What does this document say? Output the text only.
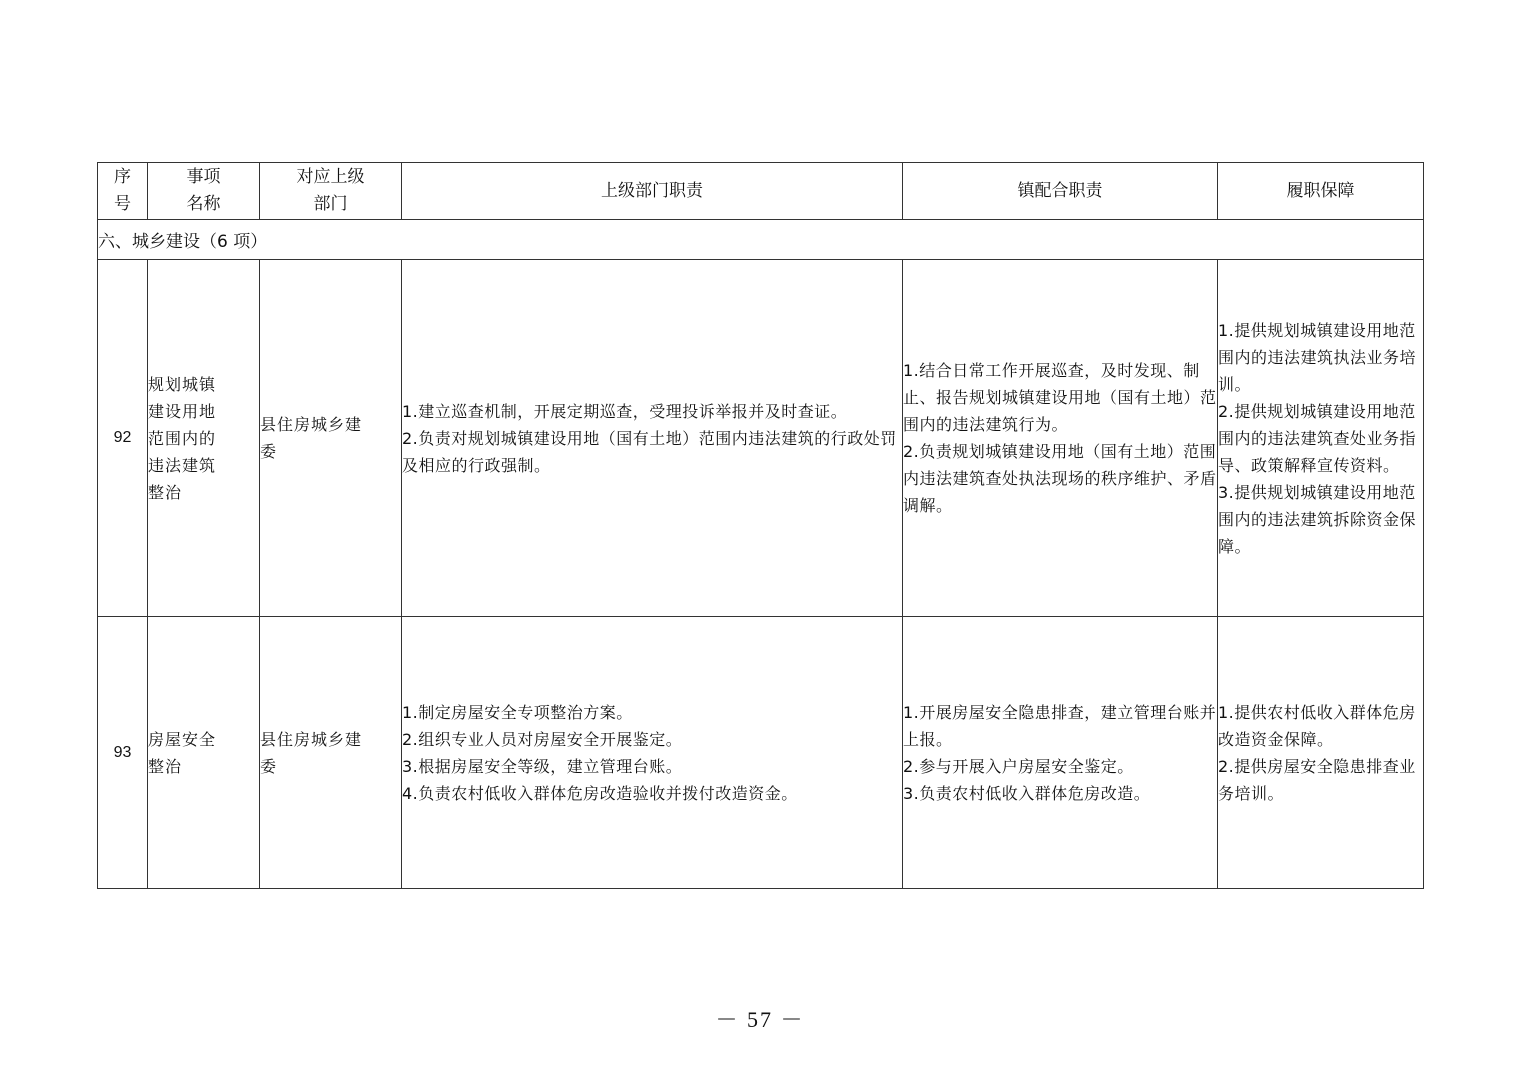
序
号	事项
名称	对应上级
部门	上级部门职责	镇配合职责	履职保障
六、城乡建设（6 项）					
92	规划城镇
建设用地
范围内的
违法建筑
整治	县住房城乡建
委	1.建立巡查机制，开展定期巡查，受理投诉举报并及时查证。
2.负责对规划城镇建设用地（国有土地）范围内违法建筑的行政处罚及相应的行政强制。	1.结合日常工作开展巡查，及时发现、制止、报告规划城镇建设用地（国有土地）范围内的违法建筑行为。
2.负责规划城镇建设用地（国有土地）范围内违法建筑查处执法现场的秩序维护、矛盾调解。	1.提供规划城镇建设用地范围内的违法建筑执法业务培训。
2.提供规划城镇建设用地范围内的违法建筑查处业务指导、政策解释宣传资料。
3.提供规划城镇建设用地范围内的违法建筑拆除资金保障。

93	房屋安全
整治	县住房城乡建
委	1.制定房屋安全专项整治方案。
2.组织专业人员对房屋安全开展鉴定。
3.根据房屋安全等级，建立管理台账。
4.负责农村低收入群体危房改造验收并拨付改造资金。	1.开展房屋安全隐患排查，建立管理台账并上报。
2.参与开展入户房屋安全鉴定。
3.负责农村低收入群体危房改造。	1.提供农村低收入群体危房改造资金保障。
2.提供房屋安全隐患排查业务培训。
－ 57 －
